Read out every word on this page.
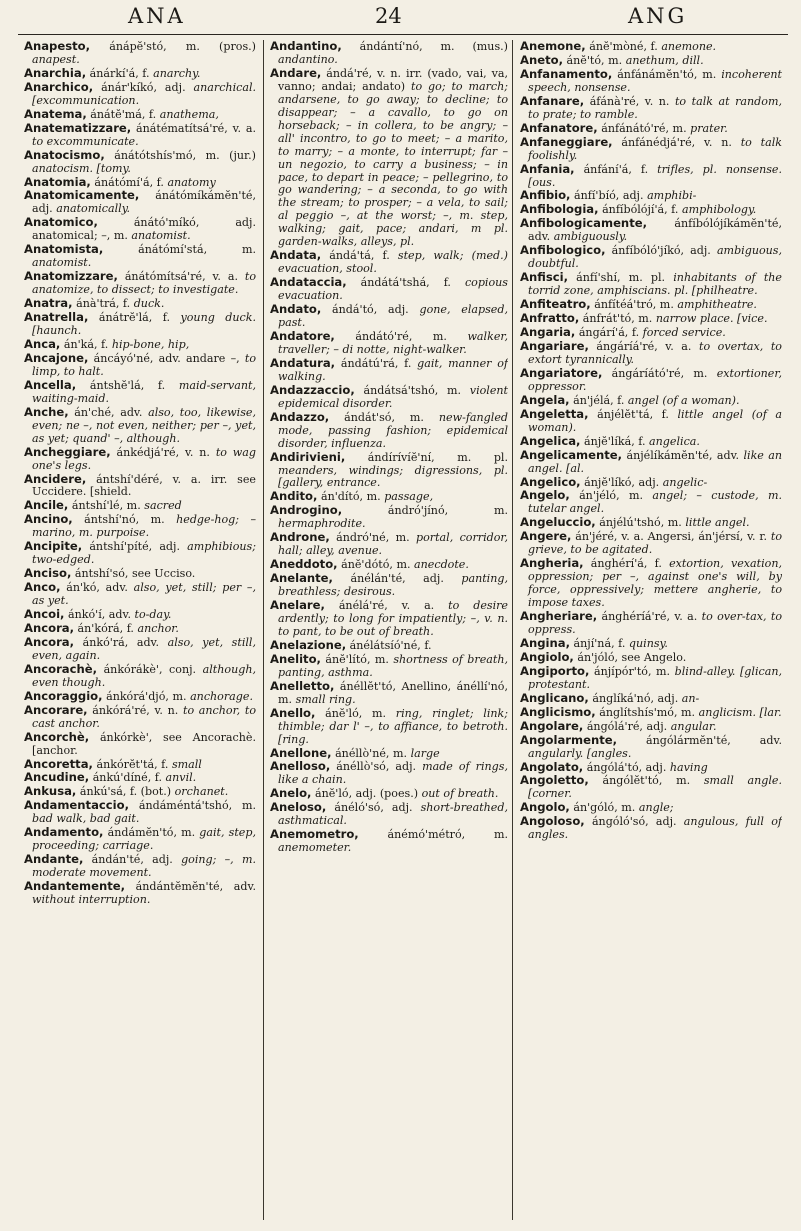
ANA	24	ANG

Anapesto, ánápĕ'stó, m. (pros.) anapest.

Anarchia, ánárkí'á, f. anarchy.

Anarchico, ánár'kíkó, adj. anarchical. [excommunication.

Anatema, ánátĕ'má, f. anathema,

Anatematizzare, ánátématítsá'ré, v. a. to excommunicate.

Anatocismo, ánátótshís'mó, m. (jur.) anatocism. [tomy.

Anatomia, ánátómí'á, f. anatomy

Anatomicamente, ánátómíkámĕn'té, adj. anatomically.

Anatomico,	ánátó'míkó, adj. anatomical; –, m. anatomist.

Anatomista,	ánátómí'stá, m. anatomist.

Anatomizzare, ánátómítsá'ré, v. a. to anatomize, to dissect; to investigate.

Anatra, ánà'trá, f. duck.

Anatrella, ánátrĕ'lá, f. young duck. [haunch.

Anca, án'ká, f. hip-bone, hip,

Ancajone, áncáyó'né, adv. andare –, to limp, to halt.

Ancella, ántshĕ'lá, f. maid-servant, waiting-maid.

Anche, án'ché, adv. also, too, likewise, even; ne –, not even, neither; per –, yet, as yet; quand' –, although.

Ancheggiare, ánkédjá'ré, v. n. to wag one's legs.

Ancidere, ántshí'déré, v. a. irr. see Uccidere. [shield.

Ancile, ántshí'lé, m. sacred

Ancino, ántshí'nó, m. hedge-hog; – marino, m. purpoise.

Ancipite, ántshí'píté, adj. amphibious; two-edged.

Anciso, ántshí'só, see Ucciso.

Anco, án'kó, adv. also, yet, still; per –, as yet.

Ancoi, ánkó'í, adv. to-day.

Ancora, án'kórá, f. anchor.

Ancora, ánkó'rá, adv. also, yet, still, even, again.

Ancorachè, ánkórákè', conj. although, even though.

Ancoraggio, ánkórá'djó, m. anchorage.

Ancorare, ánkórá'ré, v. n. to anchor, to cast anchor.

Ancorchè, ánkórkè', see Ancorachè. [anchor.

Ancoretta, ánkórĕt'tá, f. small

Ancudine, ánkú'díné, f. anvil.

Ankusa, ánkú'sá, f. (bot.) orchanet.

Andamentaccio, ándáméntá'tshó, m. bad walk, bad gait.

Andamento, ándámĕn'tó, m. gait, step, proceeding; carriage.

Andante, ándán'té, adj. going; –, m. moderate movement.

Andantemente, ándántĕmĕn'té, adv. without interruption.

Andantino, ándántí'nó, m. (mus.) andantino.

Andare, ándá'ré, v. n. irr. (vado, vai, va, vanno; andai; andato) to go; to march; andarsene, to go away; to decline; to disappear; – a cavallo, to go on horseback; – in collera, to be angry; – all' incontro, to go to meet; – a marito, to marry; – a monte, to interrupt; far – un negozio, to carry a business; – in pace, to depart in peace; – pellegrino, to go wandering; – a seconda, to go with the stream; to prosper; – a vela, to sail; al peggio –, at the worst; –, m. step, walking; gait, pace; andari, m pl. garden-walks, alleys, pl.

Andata, ándá'tá, f. step, walk; (med.) evacuation, stool.

Andataccia, ándátá'tshá, f. copious evacuation.

Andato, ándá'tó, adj. gone, elapsed, past.

Andatore, ándátó'ré, m. walker, traveller; – di notte, night-walker.

Andatura, ándátú'rá, f. gait, manner of walking.

Andazzaccio, ándátsá'tshó, m. violent epidemical disorder.

Andazzo, ándát'só, m. new-fangled mode, passing fashion; epidemical disorder, influenza.

Andirivieni, ándírívíĕ'ní, m. pl. meanders, windings; digressions, pl. [gallery, entrance.

Andito, án'dító, m. passage,

Androgino,	ándró'jínó, m. hermaphrodite.

Androne, ándró'né, m. portal, corridor, hall; alley, avenue.

Aneddoto, ánĕ'dótó, m. anecdote.

Anelante, ánélán'té, adj. panting, breathless; desirous.

Anelare, ánélá'ré, v. a. to desire ardently; to long for impatiently; –, v. n. to pant, to be out of breath.

Anelazione, ánélátsíó'né, f.

Anelito, ánĕ'lító, m. shortness of breath, panting, asthma.

Anelletto, ánéllĕt'tó, Anellino, ánéllí'nó, m. small ring.

Anello, ánĕ'ló, m. ring, ringlet; link; thimble; dar l' –, to affiance, to betroth. [ring.

Anellone, ánéllò'né, m. large

Anelloso, ánéllò'só, adj. made of rings, like a chain.

Anelo, ánĕ'ló, adj. (poes.) out of breath.

Aneloso, ánéló'só, adj. short-breathed, asthmatical.

Anemometro,	ánémó'métró, m. anemometer.

Anemone, ánĕ'mòné, f. anemone.

Aneto, ánĕ'tó, m. anethum, dill.

Anfanamento, ánfánámĕn'tó, m. incoherent speech, nonsense.

Anfanare, áfánà'ré, v. n. to talk at random, to prate; to ramble.

Anfanatore, ánfánátó'ré, m. prater.

Anfaneggiare, ánfánédjá'ré, v. n. to talk foolishly.

Anfania, ánfání'á, f. trifles, pl. nonsense. [ous.

Anfibio, ánfí'bíó, adj. amphibi-

Anfibologia, ánfíbólójí'á, f. amphibology.

Anfibologicamente, ánfíbólójíkámĕn'té, adv. ambiguously.

Anfibologico, ánfíbóló'jíkó, adj. ambiguous, doubtful.

Anfisci, ánfí'shí, m. pl. inhabitants of the torrid zone, amphiscians. pl. [philheatre.

Anfiteatro, ánfítéá'tró, m. amphitheatre.

Anfratto, ánfrát'tó, m. narrow place. [vice.

Angaria, ángárí'á, f. forced service.

Angariare, ángáríá'ré, v. a. to overtax, to extort tyrannically.

Angariatore, ángáríátó'ré, m. extortioner, oppressor.

Angela, án'jélá, f. angel (of a woman).

Angeletta, ánjélĕt'tá, f. little angel (of a woman).

Angelica, ánjĕ'líká, f. angelica.

Angelicamente, ánjélíkámĕn'té, adv. like an angel. [al.

Angelico, ánjĕ'líkó, adj. angelic-

Angelo, án'jéló, m. angel; – custode, m. tutelar angel.

Angeluccio, ánjélú'tshó, m. little angel.

Angere, án'jéré, v. a. Angersi, án'jérsí, v. r. to grieve, to be agitated.

Angheria, ánghérí'á, f. extortion, vexation, oppression; per –, against one's will, by force, oppressively; mettere angherie, to impose taxes.

Angheriare, ánghéríá'ré, v. a. to over-tax, to oppress.

Angina, ánjí'ná, f. quinsy.

Angiolo, án'jóló, see Angelo.

Angiporto, ánjípór'tó, m. blind-alley. [glican, protestant.

Anglicano, ánglíká'nó, adj. an-

Anglicismo, ánglítshís'mó, m. anglicism. [lar.

Angolare, ángólá'ré, adj. angular.

Angolarmente,	ángólármĕn'té, adv. angularly. [angles.

Angolato, ángólá'tó, adj. having

Angoletto, ángólĕt'tó, m. small angle. [corner.

Angolo, án'góló, m. angle;

Angoloso, ángóló'só, adj. angulous, full of angles.
